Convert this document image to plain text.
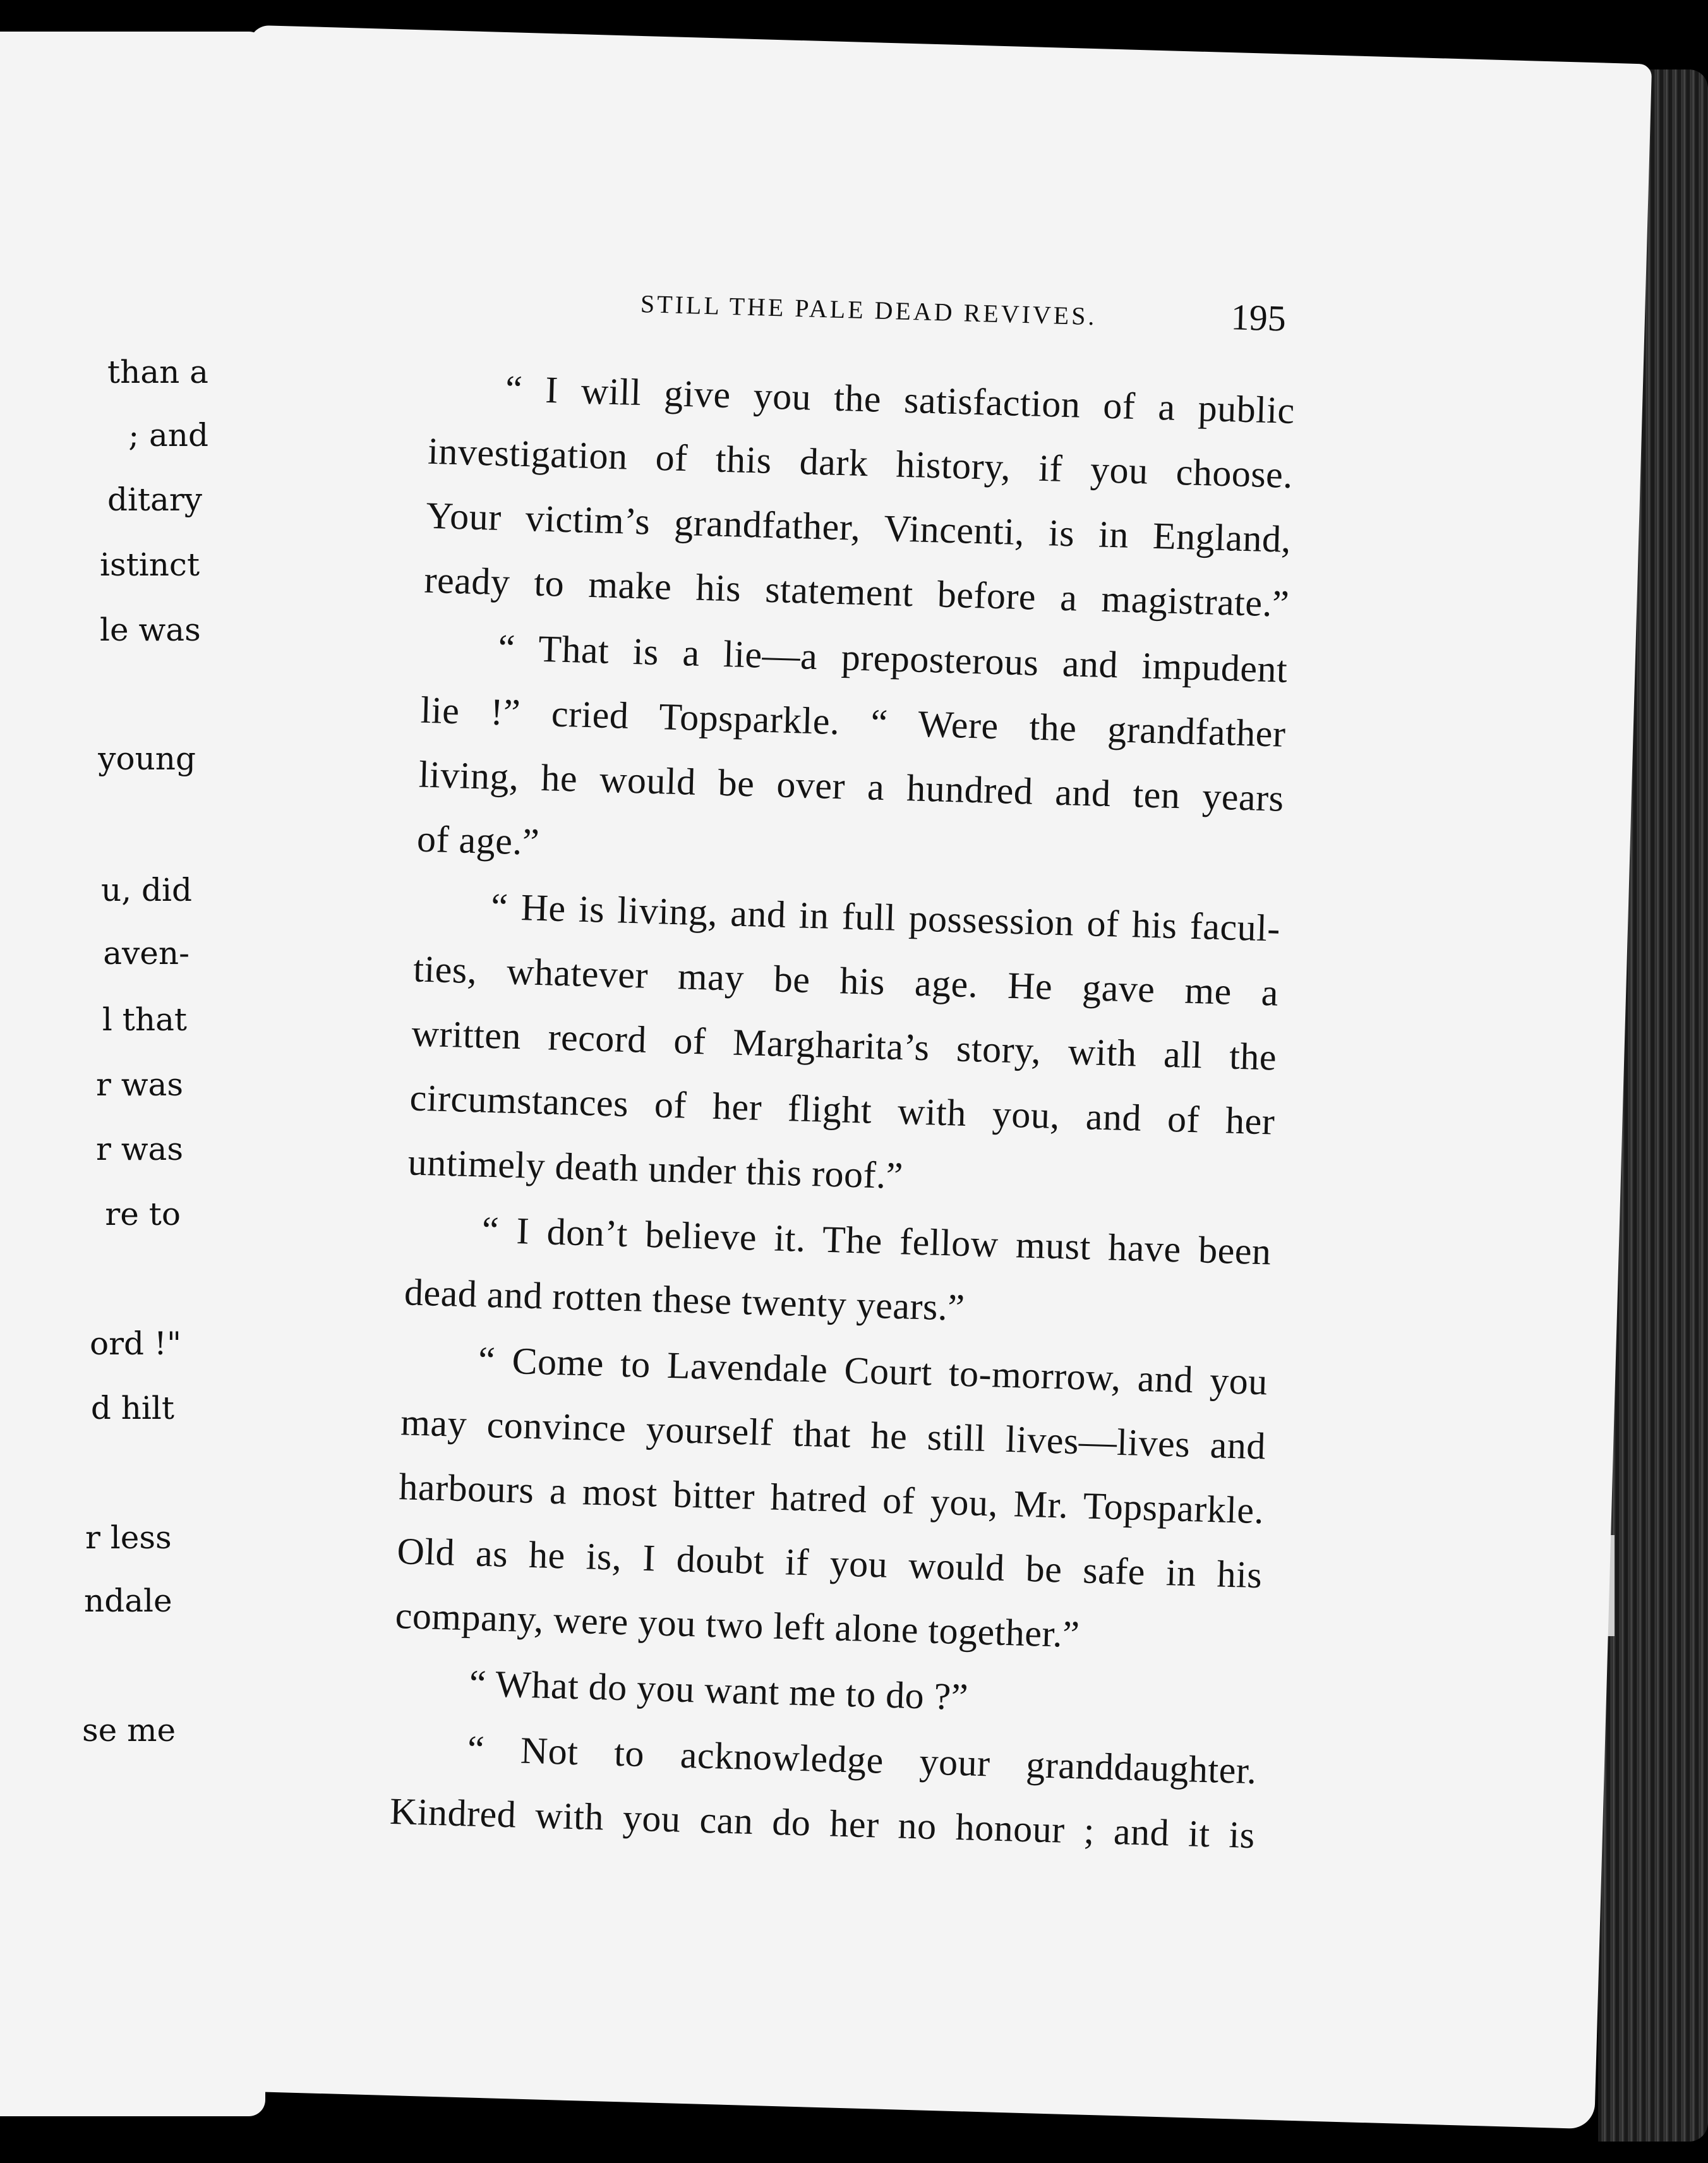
than a
; and
ditary
istinct
le was
young
u, did
aven-
l that
r was
r was
re to
ord !"
d hilt
r less
ndale
se me
STILL THE PALE DEAD REVIVES.	195
“ I will give you the satisfaction of a public
investigation of this dark history, if you choose.
Your victim’s grandfather, Vincenti, is in England,
ready to make his statement before a magistrate.”
“ That is a lie—a preposterous and impudent
lie !” cried Topsparkle. “ Were the grandfather
living, he would be over a hundred and ten years
of age.”
“ He is living, and in full possession of his facul-
ties, whatever may be his age. He gave me a
written record of Margharita’s story, with all the
circumstances of her flight with you, and of her
untimely death under this roof.”
“ I don’t believe it. The fellow must have been
dead and rotten these twenty years.”
“ Come to Lavendale Court to-morrow, and you
may convince yourself that he still lives—lives and
harbours a most bitter hatred of you, Mr. Topsparkle.
Old as he is, I doubt if you would be safe in his
company, were you two left alone together.”
“ What do you want me to do ?”
“ Not to acknowledge your granddaughter.
Kindred with you can do her no honour ; and it is
